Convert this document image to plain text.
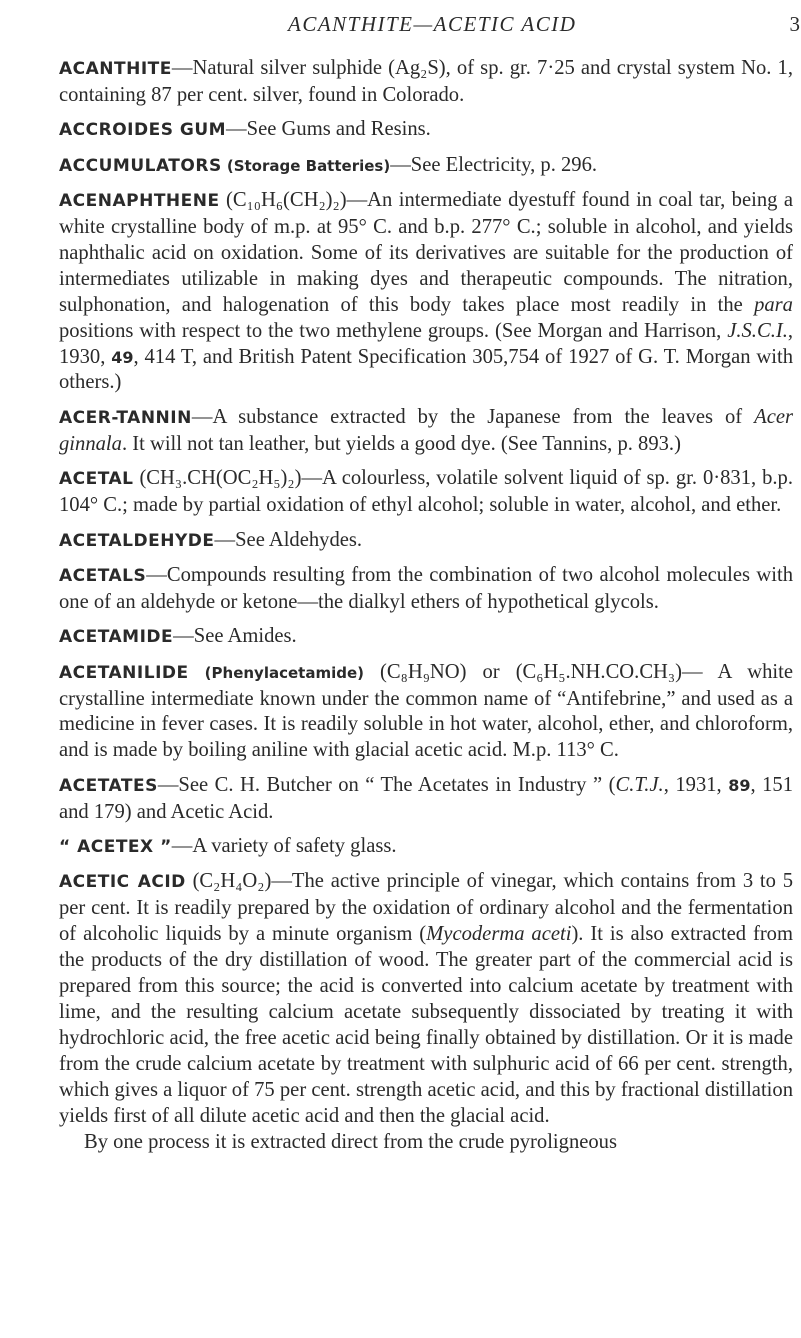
ACANTHITE—ACETIC ACID	3

ACANTHITE—Natural silver sulphide (Ag₂S), of sp. gr. 7·25 and crystal system No. 1, containing 87 per cent. silver, found in Colorado.

ACCROIDES GUM—See Gums and Resins.

ACCUMULATORS (Storage Batteries)—See Electricity, p. 296.

ACENAPHTHENE (C₁₀H₆(CH₂)₂)—An intermediate dyestuff found in coal tar, being a white crystalline body of m.p. at 95° C. and b.p. 277° C.; soluble in alcohol, and yields naphthalic acid on oxidation. Some of its derivatives are suitable for the production of intermediates utilizable in making dyes and therapeutic compounds. The nitration, sulphonation, and halogenation of this body takes place most readily in the para positions with respect to the two methylene groups. (See Morgan and Harrison, J.S.C.I., 1930, 49, 414 T, and British Patent Specification 305,754 of 1927 of G. T. Morgan with others.)

ACER-TANNIN—A substance extracted by the Japanese from the leaves of Acer ginnala. It will not tan leather, but yields a good dye. (See Tannins, p. 893.)

ACETAL (CH₃.CH(OC₂H₅)₂)—A colourless, volatile solvent liquid of sp. gr. 0·831, b.p. 104° C.; made by partial oxidation of ethyl alcohol; soluble in water, alcohol, and ether.

ACETALDEHYDE—See Aldehydes.

ACETALS—Compounds resulting from the combination of two alcohol molecules with one of an aldehyde or ketone—the dialkyl ethers of hypothetical glycols.

ACETAMIDE—See Amides.

ACETANILIDE (Phenylacetamide) (C₈H₉NO) or (C₆H₅.NH.CO.CH₃)— A white crystalline intermediate known under the common name of “Antifebrine,” and used as a medicine in fever cases. It is readily soluble in hot water, alcohol, ether, and chloroform, and is made by boiling aniline with glacial acetic acid. M.p. 113° C.

ACETATES—See C. H. Butcher on “ The Acetates in Industry ” (C.T.J., 1931, 89, 151 and 179) and Acetic Acid.

“ ACETEX ”—A variety of safety glass.

ACETIC ACID (C₂H₄O₂)—The active principle of vinegar, which contains from 3 to 5 per cent. It is readily prepared by the oxidation of ordinary alcohol and the fermentation of alcoholic liquids by a minute organism (Mycoderma aceti). It is also extracted from the products of the dry distillation of wood. The greater part of the commercial acid is prepared from this source; the acid is converted into calcium acetate by treatment with lime, and the resulting calcium acetate subsequently dissociated by treating it with hydrochloric acid, the free acetic acid being finally obtained by distillation. Or it is made from the crude calcium acetate by treatment with sulphuric acid of 66 per cent. strength, which gives a liquor of 75 per cent. strength acetic acid, and this by fractional distillation yields first of all dilute acetic acid and then the glacial acid.

By one process it is extracted direct from the crude pyroligneous
